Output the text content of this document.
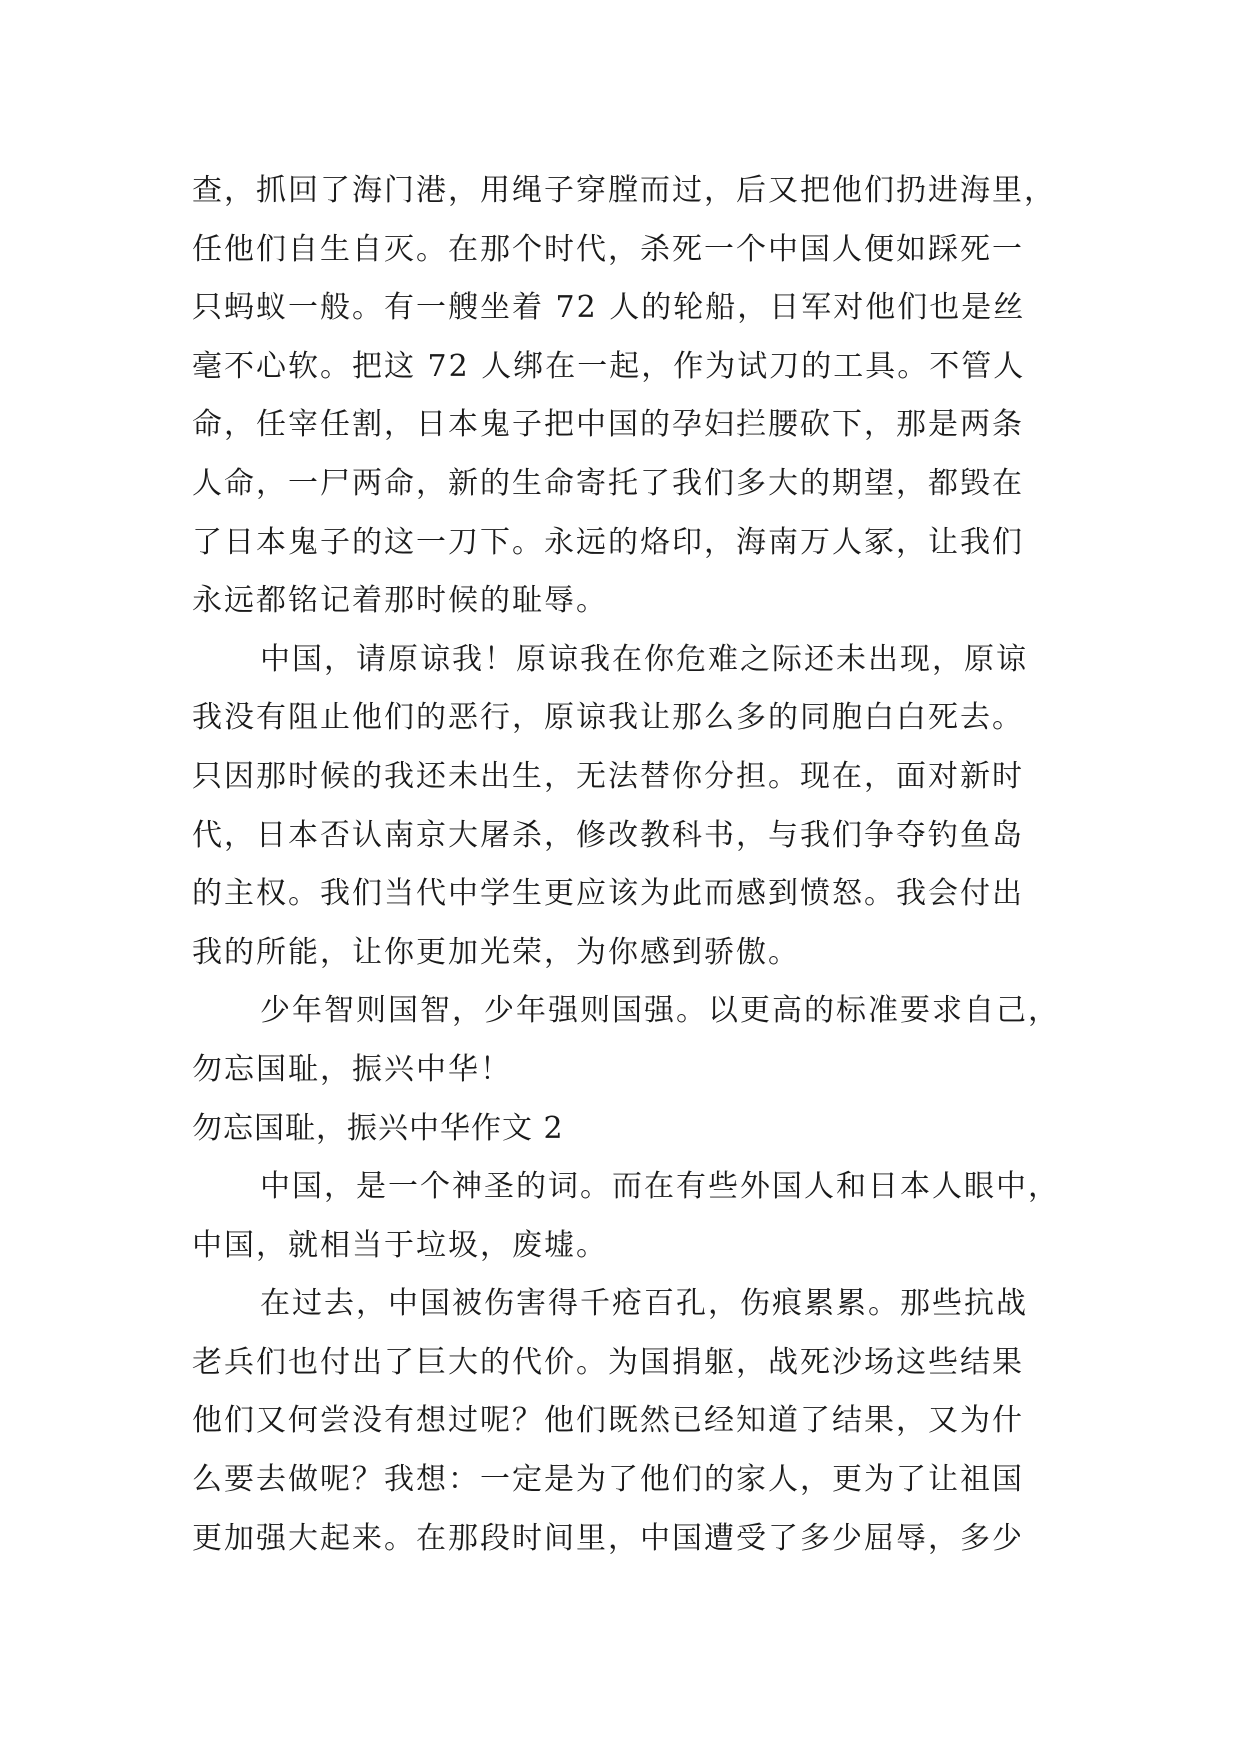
查，抓回了海门港，用绳子穿膛而过，后又把他们扔进海里，
任他们自生自灭。在那个时代，杀死一个中国人便如踩死一
只蚂蚁一般。有一艘坐着 72 人的轮船，日军对他们也是丝
毫不心软。把这 72 人绑在一起，作为试刀的工具。不管人
命，任宰任割，日本鬼子把中国的孕妇拦腰砍下，那是两条
人命，一尸两命，新的生命寄托了我们多大的期望，都毁在
了日本鬼子的这一刀下。永远的烙印，海南万人冢，让我们
永远都铭记着那时候的耻辱。
中国，请原谅我！原谅我在你危难之际还未出现，原谅
我没有阻止他们的恶行，原谅我让那么多的同胞白白死去。
只因那时候的我还未出生，无法替你分担。现在，面对新时
代，日本否认南京大屠杀，修改教科书，与我们争夺钓鱼岛
的主权。我们当代中学生更应该为此而感到愤怒。我会付出
我的所能，让你更加光荣，为你感到骄傲。
少年智则国智，少年强则国强。以更高的标准要求自己，
勿忘国耻，振兴中华！
勿忘国耻，振兴中华作文 2
中国，是一个神圣的词。而在有些外国人和日本人眼中，
中国，就相当于垃圾，废墟。
在过去，中国被伤害得千疮百孔，伤痕累累。那些抗战
老兵们也付出了巨大的代价。为国捐躯，战死沙场这些结果
他们又何尝没有想过呢？他们既然已经知道了结果，又为什
么要去做呢？我想：一定是为了他们的家人，更为了让祖国
更加强大起来。在那段时间里，中国遭受了多少屈辱，多少
